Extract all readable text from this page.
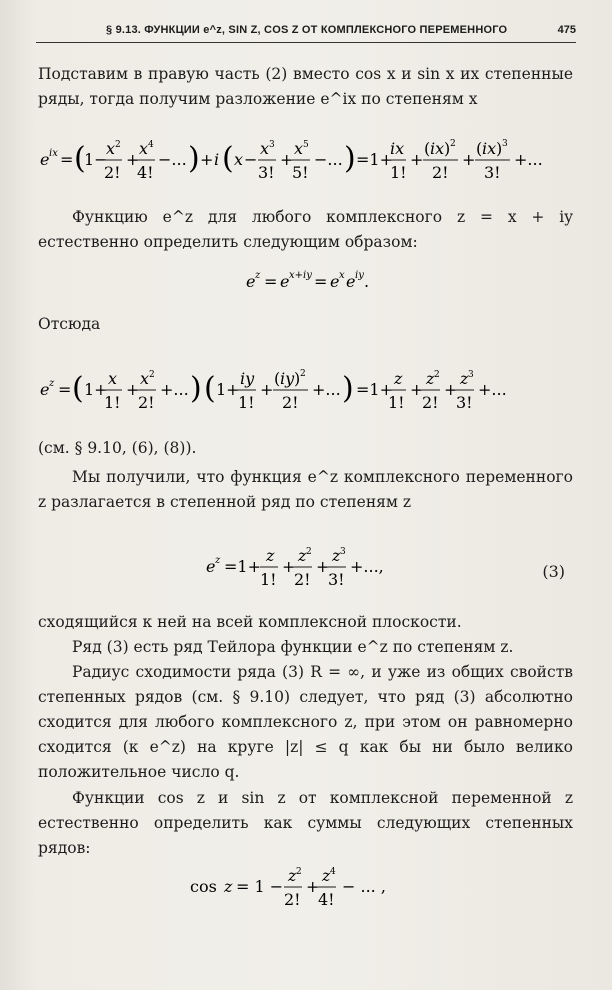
§ 9.13. ФУНКЦИИ e^z, SIN Z, COS Z ОТ КОМПЛЕКСНОГО ПЕРЕМЕННОГО	475
Подставим в правую часть (2) вместо cos x и sin x их степенные ряды, тогда получим разложение e^ix по степеням x
e ix = (
1−
x 2
2!
+
x 4
4!
−... ) + i ( x −
x 3
3!
+
x 5
5!
−... ) =1+
ix
1!
+
( ix ) 2
2!
+
( ix ) 3
3!
+...
Функцию e^z для любого комплексного z = x + iy естественно определить следующим образом:
e z = e x+iy = e x e iy .
Отсюда
e z = ( 1+
x
1!
+
x 2
2!
+... ) ( 1+
iy
1!
+
( iy ) 2
2!
+... ) =1+
z
1!
+
z 2
2!
+
z 3
3!
+...
(см. § 9.10, (6), (8)).
Мы получили, что функция e^z комплексного переменного z разлагается в степенной ряд по степеням z
e z =1+
z
1!
+
z 2
2!
+
z 3
3!
+...,	(3)
сходящийся к ней на всей комплексной плоскости.
Ряд (3) есть ряд Тейлора функции e^z по степеням z.
Радиус сходимости ряда (3) R = ∞, и уже из общих свойств степенных рядов (см. § 9.10) следует, что ряд (3) абсолютно сходится для любого комплексного z, при этом он равномерно сходится (к e^z) на круге |z| ≤ q как бы ни было велико положительное число q.
Функции cos z и sin z от комплексной переменной z естественно определить как суммы следующих степенных рядов:
cos z = 1 −
z 2
2!
+
z 4
4!
− ... ,
